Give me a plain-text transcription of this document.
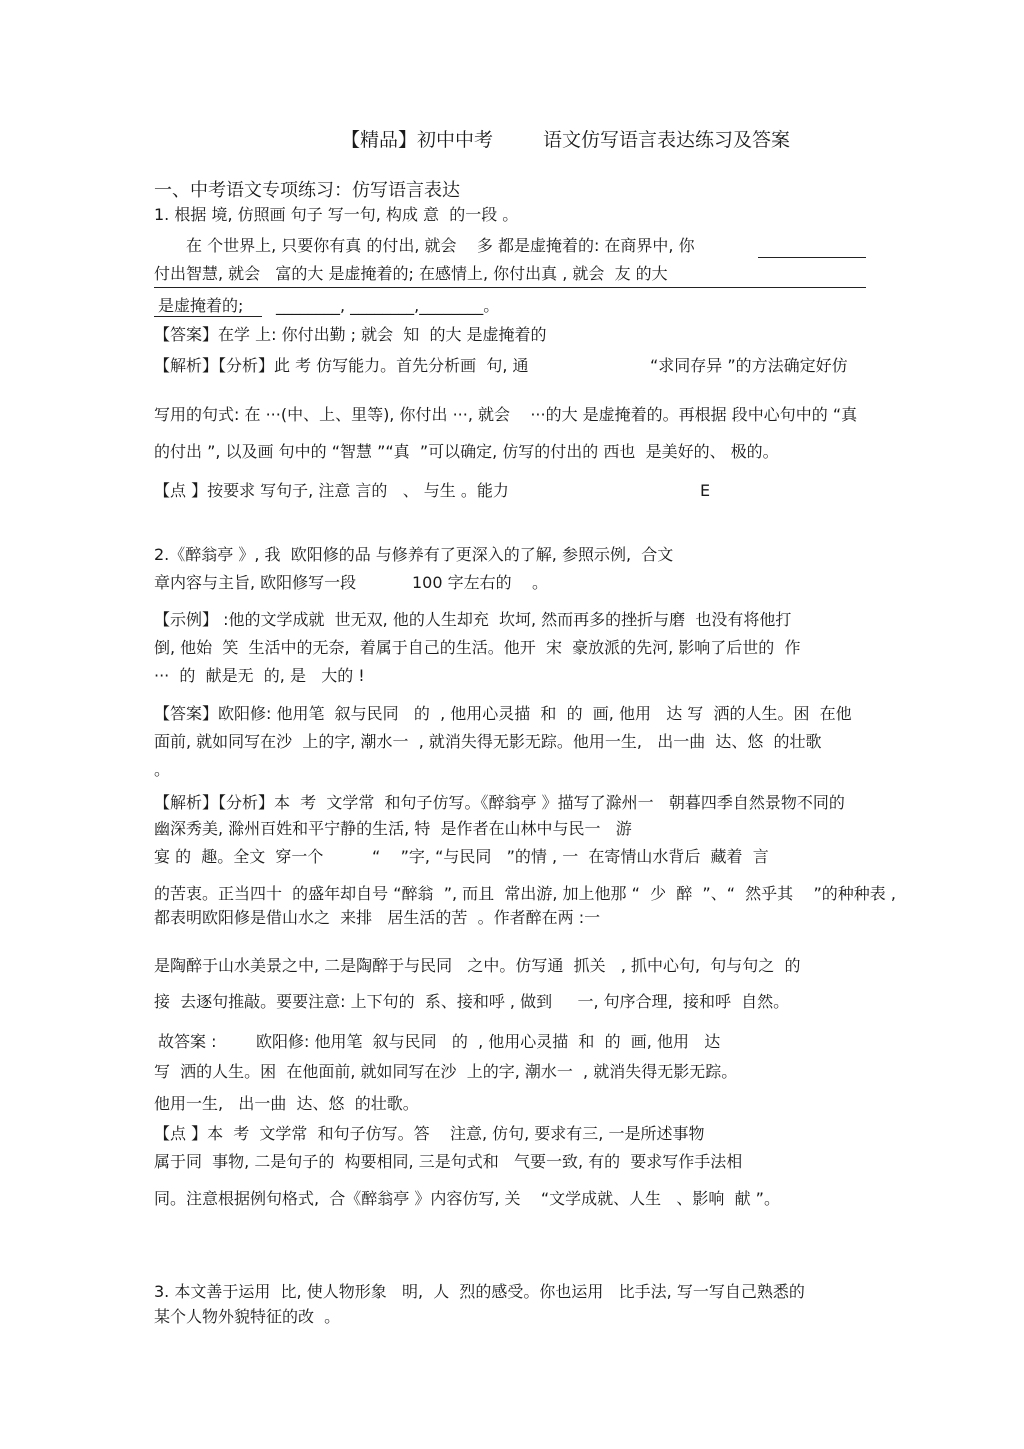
【精品】初中中考	语文仿写语言表达练习及答案
一、中考语文专项练习：仿写语言表达
1. 根据 境, 仿照画 句子 写一句, 构成 意  的一段 。
在 个世界上, 只要你有真 的付出, 就会    多 都是虚掩着的: 在商界中, 你
付出智慧, 就会   富的大 是虚掩着的; 在感情上, 你付出真 , 就会  友 的大
是虚掩着的; ________, ________,________。
【答案】在学 上: 你付出勤 ; 就会  知  的大 是虚掩着的
【解析】【分析】此 考 仿写能力。首先分析画  句, 通	“求同存异 ”的方法确定好仿
写用的句式: 在 ···(中、上、里等), 你付出 ···, 就会    ···的大 是虚掩着的。再根据 段中心句中的 “真
的付出 ”, 以及画 句中的 “智慧 ”“真  ”可以确定, 仿写的付出的 西也  是美好的、 极的。
【点 】按要求 写句子, 注意 言的   、 与生 。能力	E
2.《醉翁亭 》, 我  欧阳修的品 与修养有了更深入的了解, 参照示例,  合文
章内容与主旨, 欧阳修写一段	100 字左右的    。
【示例】 :他的文学成就  世无双, 他的人生却充  坎坷, 然而再多的挫折与磨  也没有将他打
倒, 他始  笑  生活中的无奈,  着属于自己的生活。他开  宋  豪放派的先河, 影响了后世的  作
···  的  献是无  的, 是   大的 !
【答案】欧阳修: 他用笔  叙与民同   的  , 他用心灵描  和  的  画, 他用   达 写  洒的人生。困  在他
面前, 就如同写在沙  上的字, 潮水一  , 就消失得无影无踪。他用一生,   出一曲  达、悠  的壮歌
。
【解析】【分析】本  考  文学常  和句子仿写。《醉翁亭 》描写了滁州一   朝暮四季自然景物不同的
幽深秀美, 滁州百姓和平宁静的生活, 特  是作者在山林中与民一   游
宴 的  趣。全文  穿一个	“    ”字, “与民同   ”的情 , 一  在寄情山水背后  藏着  言
的苦衷。正当四十  的盛年却自号 “醉翁  ”, 而且  常出游, 加上他那 “  少  醉  ”、“  然乎其    ”的种种表 ,
都表明欧阳修是借山水之  来排   居生活的苦  。作者醉在两 :一
是陶醉于山水美景之中, 二是陶醉于与民同   之中。仿写通  抓关   , 抓中心句,  句与句之  的
接  去逐句推敲。要要注意: 上下句的  系、接和呼 , 做到     一, 句序合理,  接和呼  自然。
故答案 : 欧阳修: 他用笔  叙与民同   的  , 他用心灵描  和  的  画, 他用   达
写  洒的人生。困  在他面前, 就如同写在沙  上的字, 潮水一  , 就消失得无影无踪。
他用一生,   出一曲  达、悠  的壮歌。
【点 】本  考  文学常  和句子仿写。答    注意, 仿句, 要求有三, 一是所述事物
属于同  事物, 二是句子的  构要相同, 三是句式和   气要一致, 有的  要求写作手法相
同。注意根据例句格式,  合《醉翁亭 》内容仿写, 关    “文学成就、人生   、影响  献 ”。
3. 本文善于运用  比, 使人物形象   明,  人  烈的感受。你也运用   比手法, 写一写自己熟悉的
某个人物外貌特征的改  。
